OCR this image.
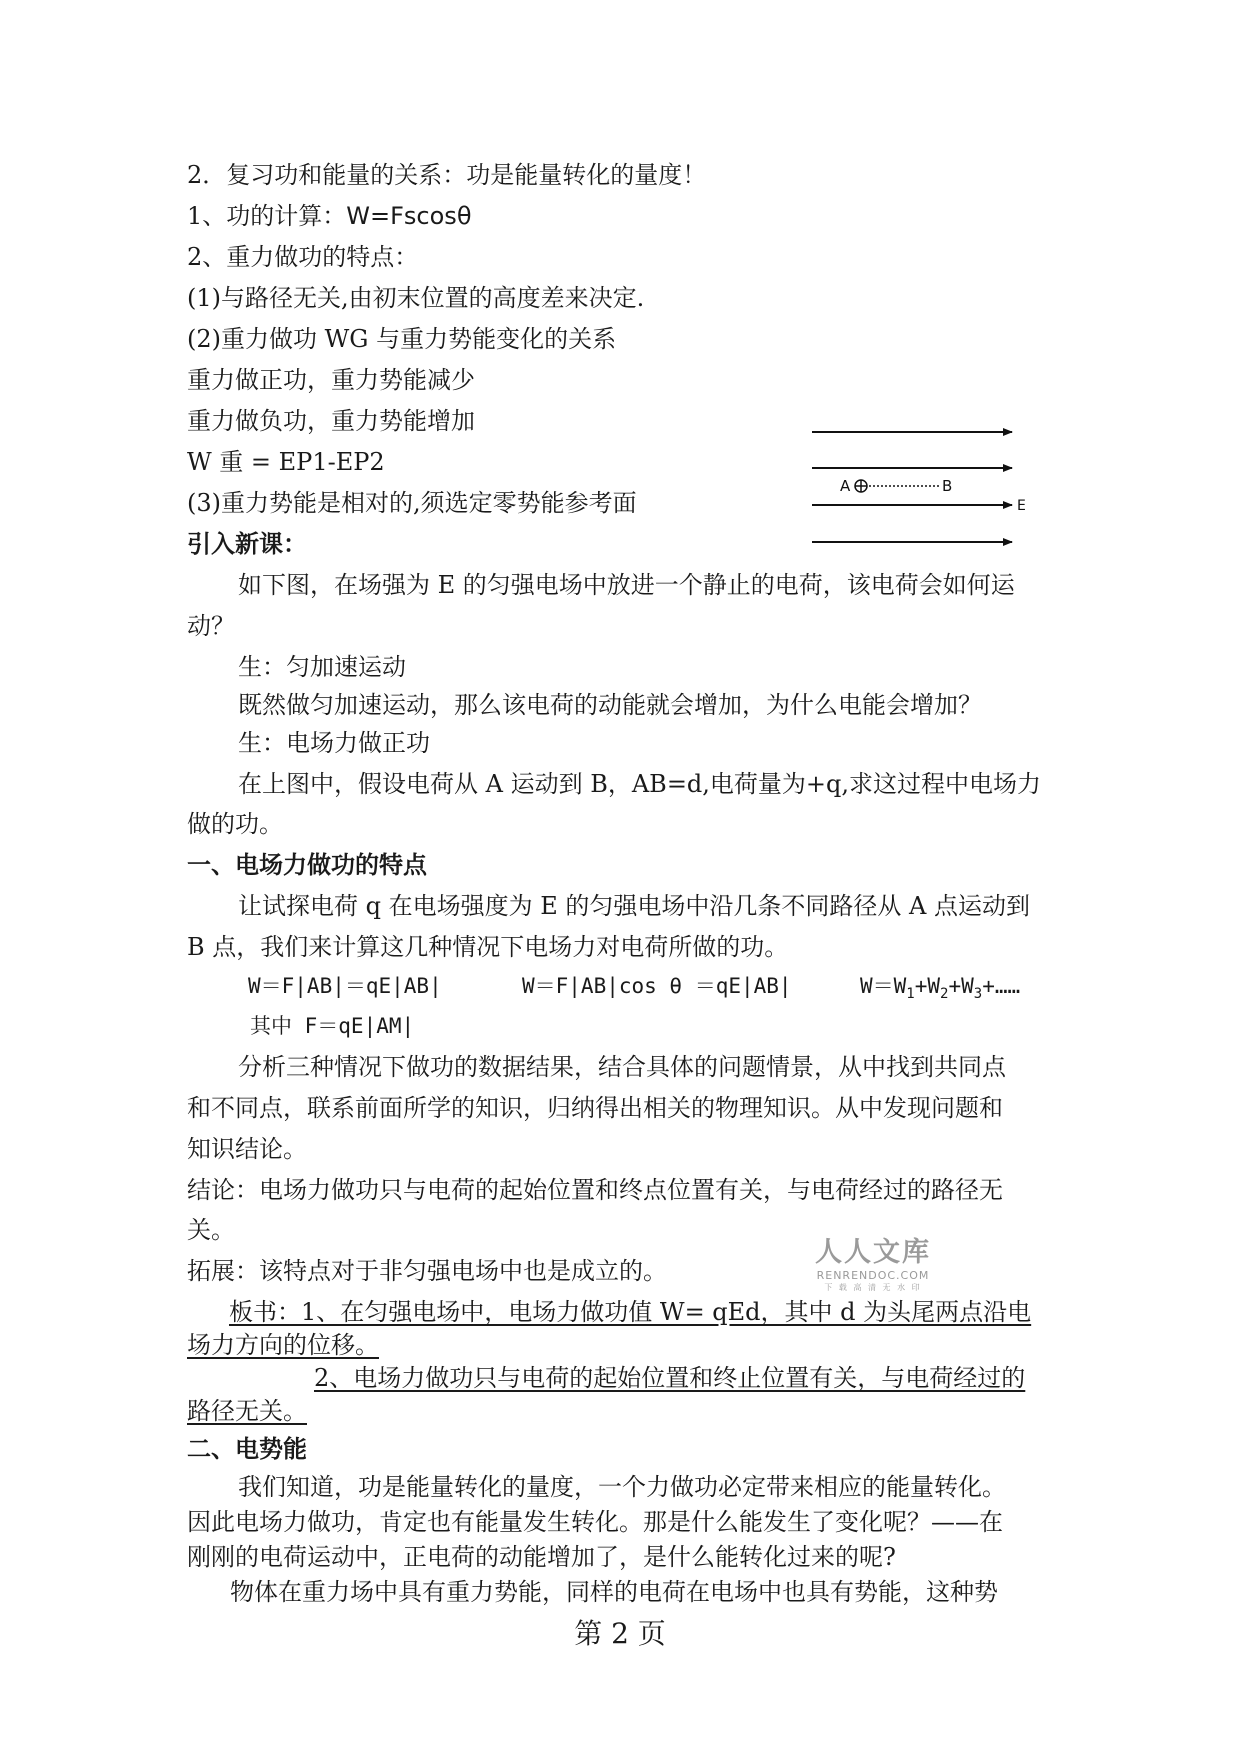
2．复习功和能量的关系：功是能量转化的量度！
1、功的计算：W=Fscosθ
2、重力做功的特点：
(1)与路径无关,由初末位置的高度差来决定.
(2)重力做功 WG 与重力势能变化的关系
重力做正功，重力势能减少
重力做负功，重力势能增加
W 重 = EP1-EP2
(3)重力势能是相对的,须选定零势能参考面
引入新课：
如下图，在场强为 E 的匀强电场中放进一个静止的电荷，该电荷会如何运
动？
生：匀加速运动
既然做匀加速运动，那么该电荷的动能就会增加，为什么电能会增加？
生：电场力做正功
在上图中，假设电荷从 A 运动到 B，AB=d,电荷量为+q,求这过程中电场力
做的功。
一、电场力做功的特点
让试探电荷 q 在电场强度为 E 的匀强电场中沿几条不同路径从 A 点运动到
B 点，我们来计算这几种情况下电场力对电荷所做的功。
W＝F|AB|＝qE|AB|	W＝F|AB|cos θ ＝qE|AB|	$W=W_1+W_2+W_3+\dots\dots$
其中 F＝qE|AM|
分析三种情况下做功的数据结果，结合具体的问题情景，从中找到共同点
和不同点，联系前面所学的知识，归纳得出相关的物理知识。从中发现问题和
知识结论。
结论：电场力做功只与电荷的起始位置和终点位置有关，与电荷经过的路径无
关。
拓展：该特点对于非匀强电场中也是成立的。
板书：1、在匀强电场中，电场力做功值 W= qEd，其中 d 为头尾两点沿电
场力方向的位移。
2、电场力做功只与电荷的起始位置和终止位置有关，与电荷经过的
路径无关。
二、电势能
我们知道，功是能量转化的量度，一个力做功必定带来相应的能量转化。
因此电场力做功，肯定也有能量发生转化。那是什么能发生了变化呢？——在
刚刚的电荷运动中，正电荷的动能增加了，是什么能转化过来的呢?
物体在重力场中具有重力势能，同样的电荷在电场中也具有势能，这种势
A	B
E
人人文库
RENRENDOC.COM
下 载 高 清 无 水 印
第 2 页
